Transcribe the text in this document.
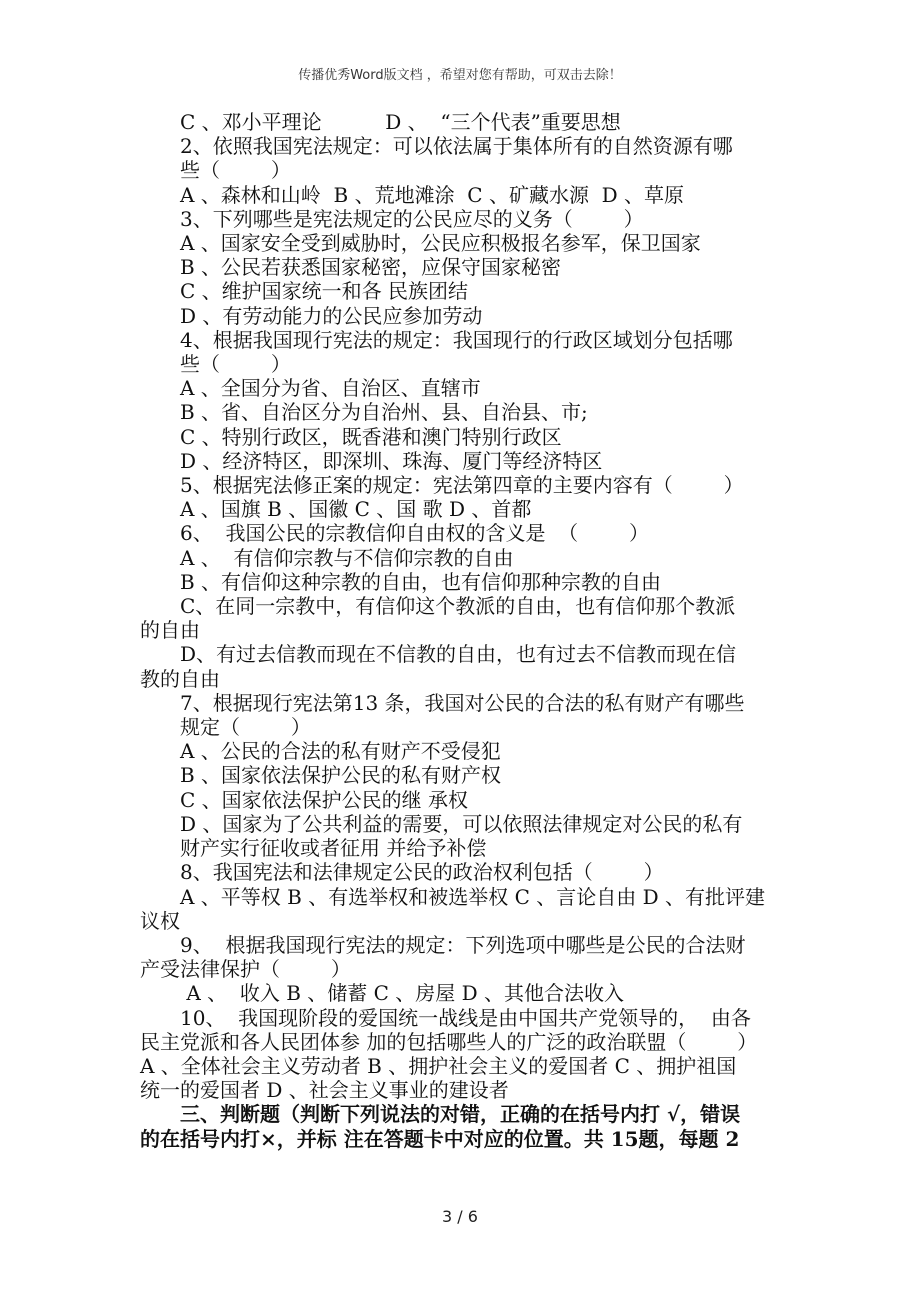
传播优秀Word版文档 ，希望对您有帮助，可双击去除！
C 、邓小平理论          D 、  “三个代表”重要思想
2、依照我国宪法规定：可以依法属于集体所有的自然资源有哪
些（        ）
A 、森林和山岭  B 、荒地滩涂  C 、矿藏水源  D 、草原
3、下列哪些是宪法规定的公民应尽的义务（        ）
A 、国家安全受到威胁时，公民应积极报名参军，保卫国家
B 、公民若获悉国家秘密，应保守国家秘密
C 、维护国家统一和各 民族团结
D 、有劳动能力的公民应参加劳动
4、根据我国现行宪法的规定：我国现行的行政区域划分包括哪
些（        ）
A 、全国分为省、自治区、直辖市
B 、省、自治区分为自治州、县、自治县、市;
C 、特别行政区，既香港和澳门特别行政区
D 、经济特区，即深圳、珠海、厦门等经济特区
5、根据宪法修正案的规定：宪法第四章的主要内容有（        ）
A 、国旗 B 、国徽 C 、国 歌 D 、首都
6、  我国公民的宗教信仰自由权的含义是  （        ）
A 、  有信仰宗教与不信仰宗教的自由
B 、有信仰这种宗教的自由，也有信仰那种宗教的自由
C、在同一宗教中，有信仰这个教派的自由，也有信仰那个教派
的自由
D、有过去信教而现在不信教的自由，也有过去不信教而现在信
教的自由
7、根据现行宪法第13 条，我国对公民的合法的私有财产有哪些
规定（        ）
A 、公民的合法的私有财产不受侵犯
B 、国家依法保护公民的私有财产权
C 、国家依法保护公民的继 承权
D 、国家为了公共利益的需要，可以依照法律规定对公民的私有
财产实行征收或者征用 并给予补偿
8、我国宪法和法律规定公民的政治权利包括（        ）
A 、平等权 B 、有选举权和被选举权 C 、言论自由 D 、有批评建
议权
9、  根据我国现行宪法的规定：下列选项中哪些是公民的合法财
产受法律保护（        ）
A 、  收入 B 、储蓄 C 、房屋 D 、其他合法收入
10、  我国现阶段的爱国统一战线是由中国共产党领导的，  由各
民主党派和各人民团体参 加的包括哪些人的广泛的政治联盟（        ）
A 、全体社会主义劳动者 B 、拥护社会主义的爱国者 C 、拥护祖国
统一的爱国者 D 、社会主义事业的建设者
三、判断题（判断下列说法的对错，正确的在括号内打 √，错误
的在括号内打×，并标 注在答题卡中对应的位置。共 15题，每题 2
3 / 6
